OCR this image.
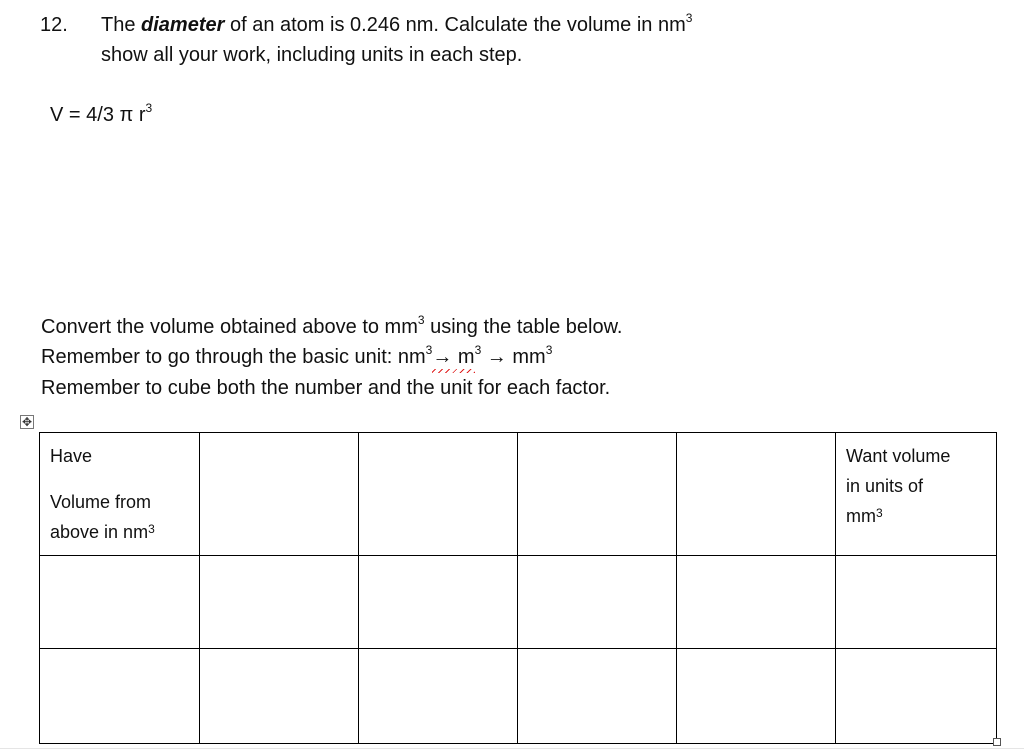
12. The diameter of an atom is 0.246 nm. Calculate the volume in $nm^3$
show all your work, including units in each step.
V = 4/3 π $r^3$
Convert the volume obtained above to $mm^3$ using the table below.
Remember to go through the basic unit: $nm^3\to m^3 \to mm^3$
Remember to cube both the number and the unit for each factor.
✥
Have
Volume from
above in $nm^3$					Want volume
in units of
$mm^3$
